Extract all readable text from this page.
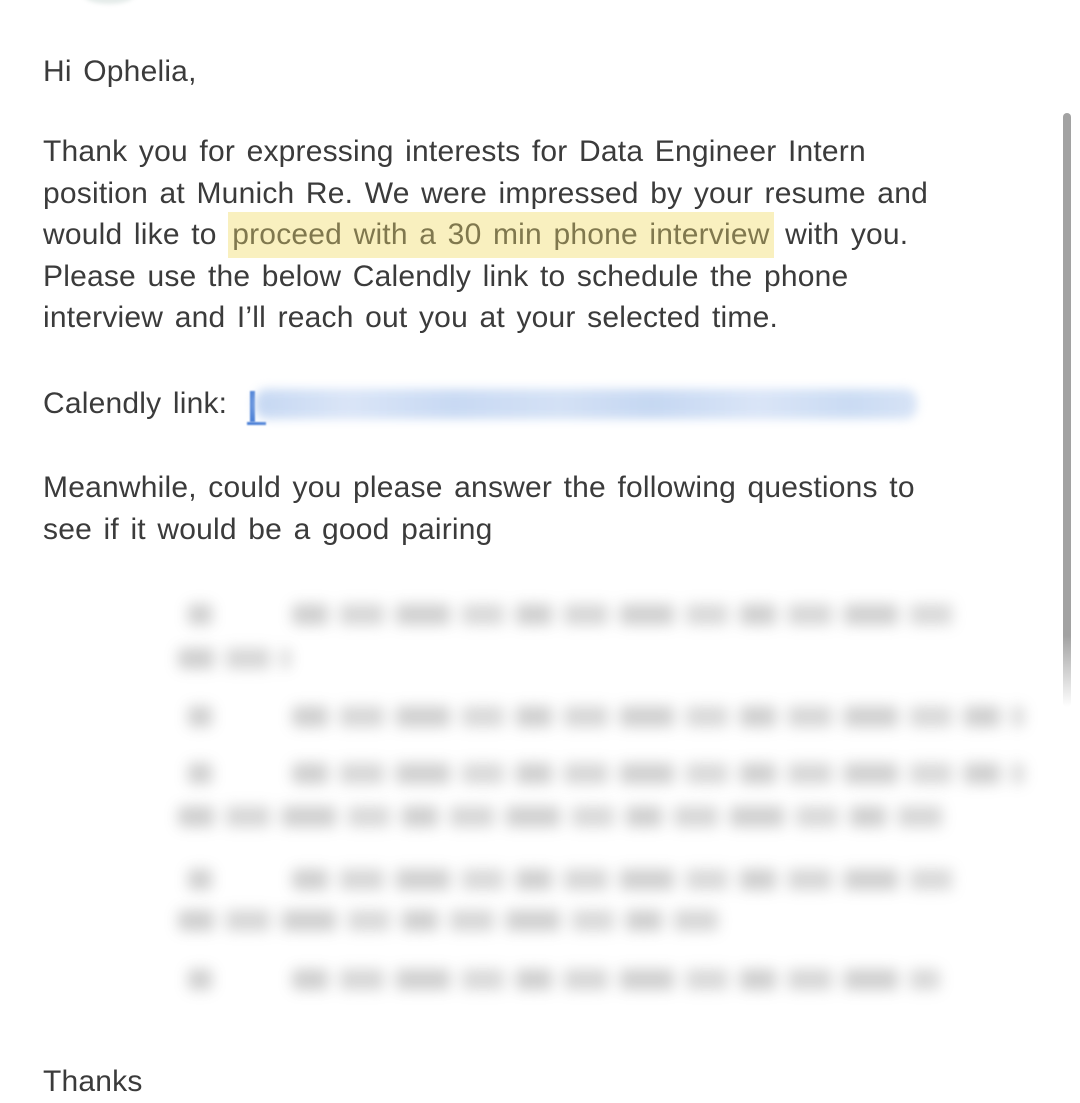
Hi Ophelia,
Thank you for expressing interests for Data Engineer Intern
position at Munich Re. We were impressed by your resume and
would like to proceed with a 30 min phone interview with you.
Please use the below Calendly link to schedule the phone
interview and I’ll reach out you at your selected time.
Calendly link:
Meanwhile, could you please answer the following questions to
see if it would be a good pairing
Thanks
